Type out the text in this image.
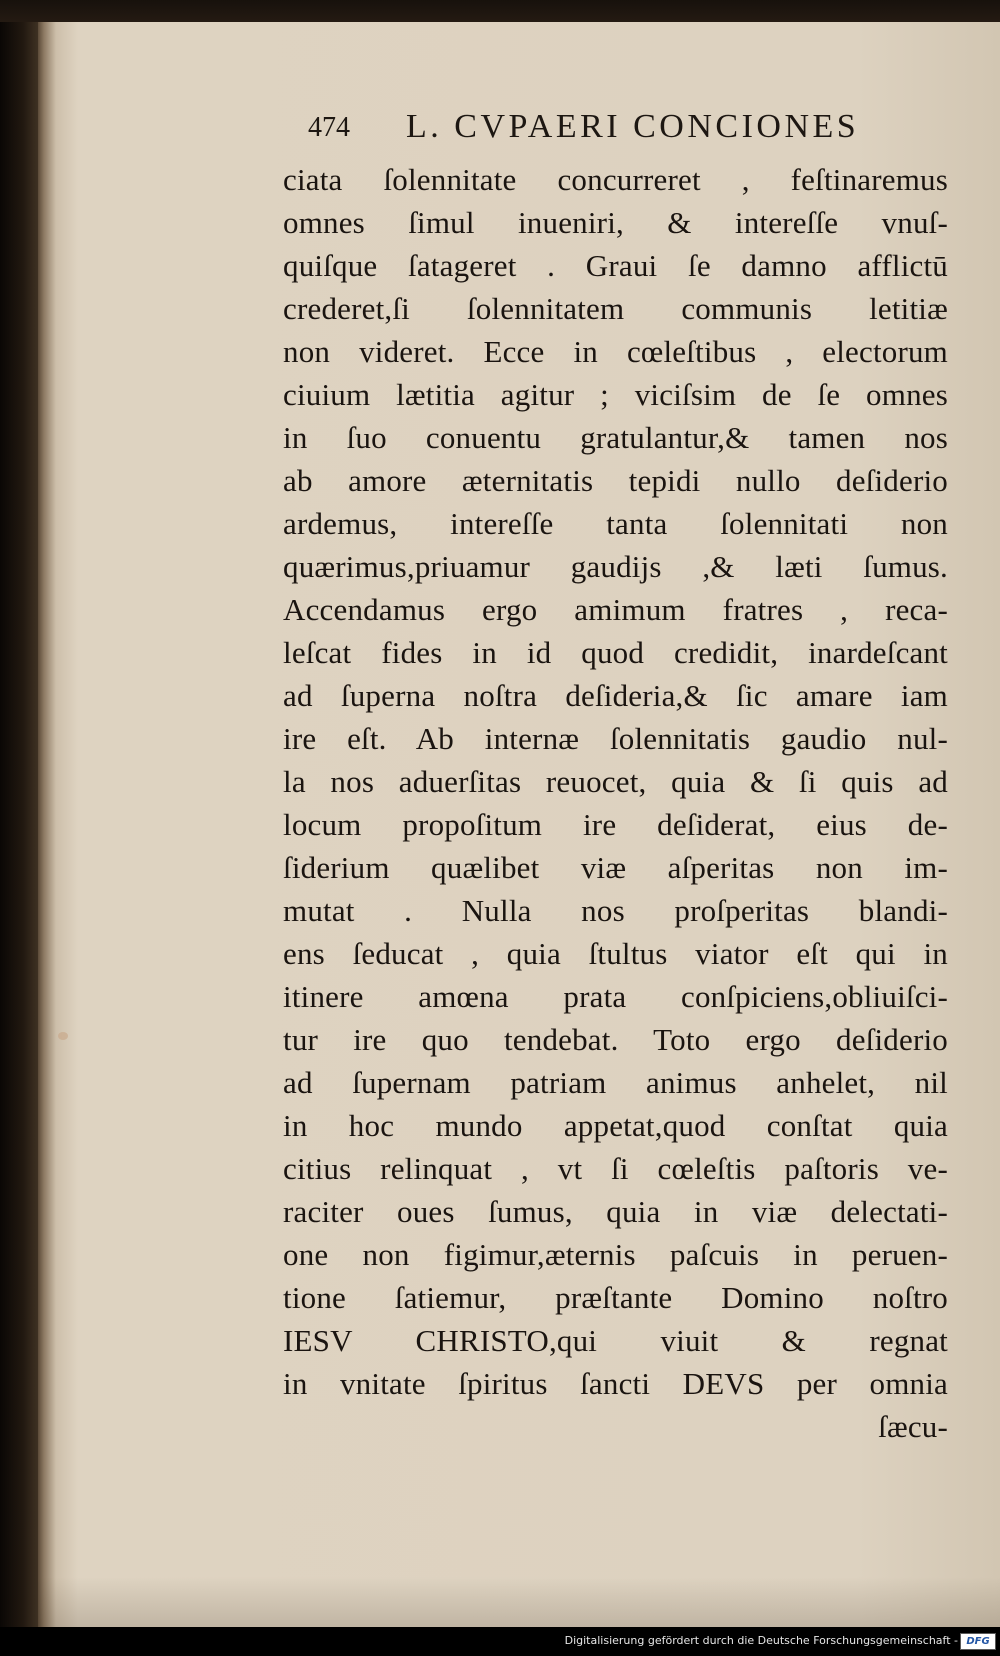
474 L. CVPAERI CONCIONES
ciata ſolennitate concurreret , feſtinaremus
omnes ſimul inueniri, & intereſſe vnuſ-
quiſque ſatageret . Graui ſe damno afflictū
crederet,ſi ſolennitatem communis letitiæ
non videret. Ecce in cœleſtibus , electorum
ciuium lætitia agitur ; viciſsim de ſe omnes
in ſuo conuentu gratulantur,& tamen nos
ab amore æternitatis tepidi nullo deſiderio
ardemus, intereſſe tanta ſolennitati non
quærimus,priuamur gaudijs ,& læti ſumus.
Accendamus ergo amimum fratres , reca-
leſcat fides in id quod credidit, inardeſcant
ad ſuperna noſtra deſideria,& ſic amare iam
ire eſt. Ab internæ ſolennitatis gaudio nul-
la nos aduerſitas reuocet, quia & ſi quis ad
locum propoſitum ire deſiderat, eius de-
ſiderium quælibet viæ aſperitas non im-
mutat . Nulla nos proſperitas blandi-
ens ſeducat , quia ſtultus viator eſt qui in
itinere amœna prata conſpiciens,obliuiſci-
tur ire quo tendebat. Toto ergo deſiderio
ad ſupernam patriam animus anhelet, nil
in hoc mundo appetat,quod conſtat quia
citius relinquat , vt ſi cœleſtis paſtoris ve-
raciter oues ſumus, quia in viæ delectati-
one non figimur,æternis paſcuis in peruen-
tione ſatiemur, præſtante Domino noſtro
IESV CHRISTO,qui viuit & regnat
in vnitate ſpiritus ſancti DEVS per omnia
ſæcu-
Digitalisierung gefördert durch die Deutsche Forschungsgemeinschaft - DFG
